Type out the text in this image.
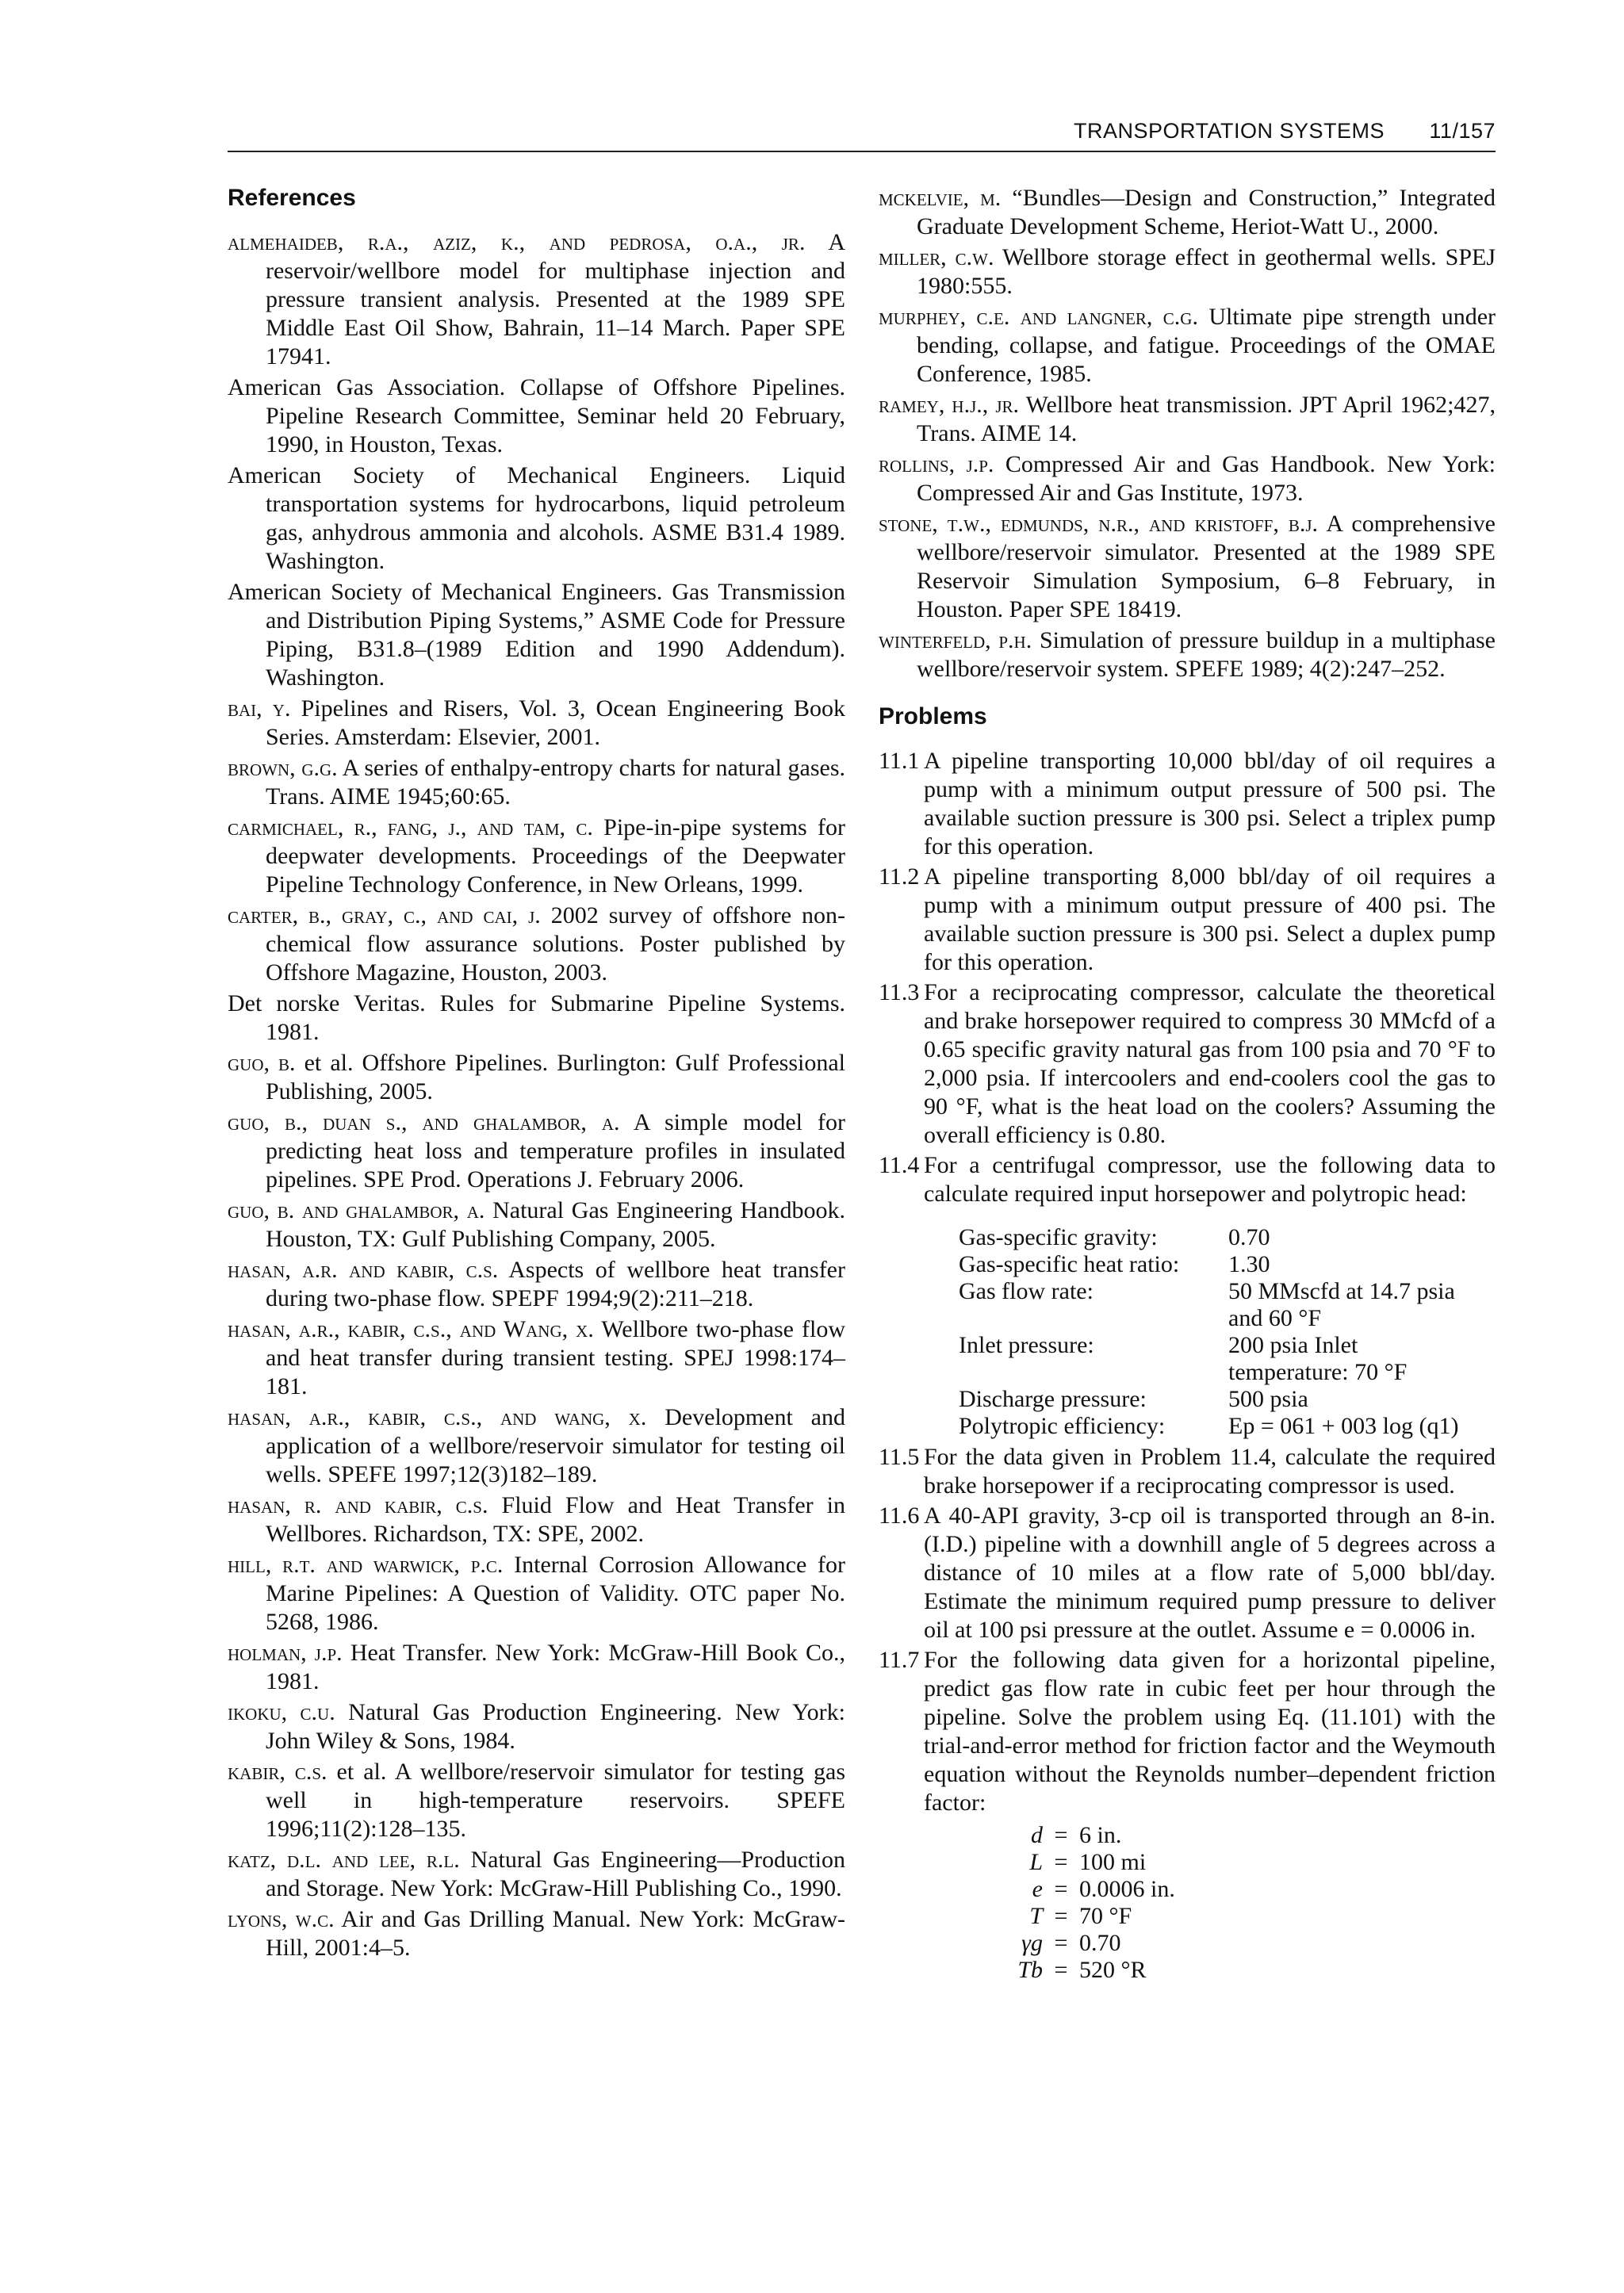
TRANSPORTATION SYSTEMS 11/157
References
almehaideb, r.a., aziz, k., and pedrosa, o.a., jr. A reservoir/wellbore model for multiphase injection and pressure transient analysis. Presented at the 1989 SPE Middle East Oil Show, Bahrain, 11–14 March. Paper SPE 17941.
American Gas Association. Collapse of Offshore Pipelines. Pipeline Research Committee, Seminar held 20 February, 1990, in Houston, Texas.
American Society of Mechanical Engineers. Liquid transportation systems for hydrocarbons, liquid petroleum gas, anhydrous ammonia and alcohols. ASME B31.4 1989. Washington.
American Society of Mechanical Engineers. Gas Transmission and Distribution Piping Systems,” ASME Code for Pressure Piping, B31.8–(1989 Edition and 1990 Addendum). Washington.
bai, y. Pipelines and Risers, Vol. 3, Ocean Engineering Book Series. Amsterdam: Elsevier, 2001.
brown, g.g. A series of enthalpy-entropy charts for natural gases. Trans. AIME 1945;60:65.
carmichael, r., fang, j., and tam, c. Pipe-in-pipe systems for deepwater developments. Proceedings of the Deepwater Pipeline Technology Conference, in New Orleans, 1999.
carter, b., gray, c., and cai, j. 2002 survey of offshore non-chemical flow assurance solutions. Poster published by Offshore Magazine, Houston, 2003.
Det norske Veritas. Rules for Submarine Pipeline Systems. 1981.
guo, b. et al. Offshore Pipelines. Burlington: Gulf Professional Publishing, 2005.
guo, b., duan s., and ghalambor, a. A simple model for predicting heat loss and temperature profiles in insulated pipelines. SPE Prod. Operations J. February 2006.
guo, b. and ghalambor, a. Natural Gas Engineering Handbook. Houston, TX: Gulf Publishing Company, 2005.
hasan, a.r. and kabir, c.s. Aspects of wellbore heat transfer during two-phase flow. SPEPF 1994;9(2):211–218.
hasan, a.r., kabir, c.s., and Wang, x. Wellbore two-phase flow and heat transfer during transient testing. SPEJ 1998:174–181.
hasan, a.r., kabir, c.s., and wang, x. Development and application of a wellbore/reservoir simulator for testing oil wells. SPEFE 1997;12(3)182–189.
hasan, r. and kabir, c.s. Fluid Flow and Heat Transfer in Wellbores. Richardson, TX: SPE, 2002.
hill, r.t. and warwick, p.c. Internal Corrosion Allowance for Marine Pipelines: A Question of Validity. OTC paper No. 5268, 1986.
holman, j.p. Heat Transfer. New York: McGraw-Hill Book Co., 1981.
ikoku, c.u. Natural Gas Production Engineering. New York: John Wiley & Sons, 1984.
kabir, c.s. et al. A wellbore/reservoir simulator for testing gas well in high-temperature reservoirs. SPEFE 1996;11(2):128–135.
katz, d.l. and lee, r.l. Natural Gas Engineering—Production and Storage. New York: McGraw-Hill Publishing Co., 1990.
lyons, w.c. Air and Gas Drilling Manual. New York: McGraw-Hill, 2001:4–5.
mckelvie, m. “Bundles—Design and Construction,” Integrated Graduate Development Scheme, Heriot-Watt U., 2000.
miller, c.w. Wellbore storage effect in geothermal wells. SPEJ 1980:555.
murphey, c.e. and langner, c.g. Ultimate pipe strength under bending, collapse, and fatigue. Proceedings of the OMAE Conference, 1985.
ramey, h.j., jr. Wellbore heat transmission. JPT April 1962;427, Trans. AIME 14.
rollins, j.p. Compressed Air and Gas Handbook. New York: Compressed Air and Gas Institute, 1973.
stone, t.w., edmunds, n.r., and kristoff, b.j. A comprehensive wellbore/reservoir simulator. Presented at the 1989 SPE Reservoir Simulation Symposium, 6–8 February, in Houston. Paper SPE 18419.
winterfeld, p.h. Simulation of pressure buildup in a multiphase wellbore/reservoir system. SPEFE 1989; 4(2):247–252.
Problems
11.1 A pipeline transporting 10,000 bbl/day of oil requires a pump with a minimum output pressure of 500 psi. The available suction pressure is 300 psi. Select a triplex pump for this operation.
11.2 A pipeline transporting 8,000 bbl/day of oil requires a pump with a minimum output pressure of 400 psi. The available suction pressure is 300 psi. Select a duplex pump for this operation.
11.3 For a reciprocating compressor, calculate the theoretical and brake horsepower required to compress 30 MMcfd of a 0.65 specific gravity natural gas from 100 psia and 70 °F to 2,000 psia. If intercoolers and end-coolers cool the gas to 90 °F, what is the heat load on the coolers? Assuming the overall efficiency is 0.80.
11.4 For a centrifugal compressor, use the following data to calculate required input horsepower and polytropic head:
Gas-specific gravity:	0.70
Gas-specific heat ratio:	1.30
Gas flow rate:	50 MMscfd at 14.7 psia and 60 °F
Inlet pressure:	200 psia Inlet temperature: 70 °F
Discharge pressure:	500 psia
Polytropic efficiency:	Ep = 061 + 003 log (q1)
11.5 For the data given in Problem 11.4, calculate the required brake horsepower if a reciprocating compressor is used.
11.6 A 40-API gravity, 3-cp oil is transported through an 8-in. (I.D.) pipeline with a downhill angle of 5 degrees across a distance of 10 miles at a flow rate of 5,000 bbl/day. Estimate the minimum required pump pressure to deliver oil at 100 psi pressure at the outlet. Assume e = 0.0006 in.
11.7 For the following data given for a horizontal pipeline, predict gas flow rate in cubic feet per hour through the pipeline. Solve the problem using Eq. (11.101) with the trial-and-error method for friction factor and the Weymouth equation without the Reynolds number–dependent friction factor:
d = 6 in.
L = 100 mi
e = 0.0006 in.
T = 70 °F
γg = 0.70
Tb = 520 °R
